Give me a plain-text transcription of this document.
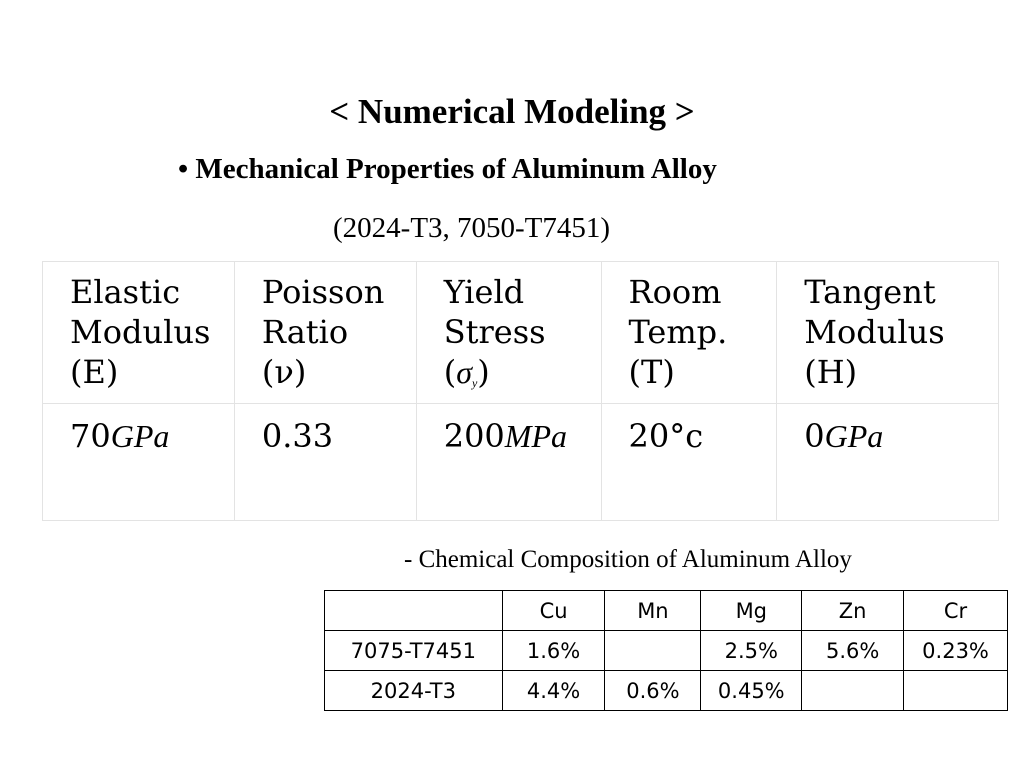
< Numerical Modeling >
• Mechanical Properties of Aluminum Alloy
(2024-T3, 7050-T7451)
Elastic
Modulus
(E)	Poisson
Ratio
(ν)	Yield
Stress
$(\sigma_y)$	Room
Temp.
(T)	Tangent
Modulus
(H)
70GPa	0.33	200MPa	20°c	0GPa
- Chemical Composition of Aluminum Alloy
	Cu	Mn	Mg	Zn	Cr
7075-T7451	1.6%		2.5%	5.6%	0.23%
2024-T3	4.4%	0.6%	0.45%		
